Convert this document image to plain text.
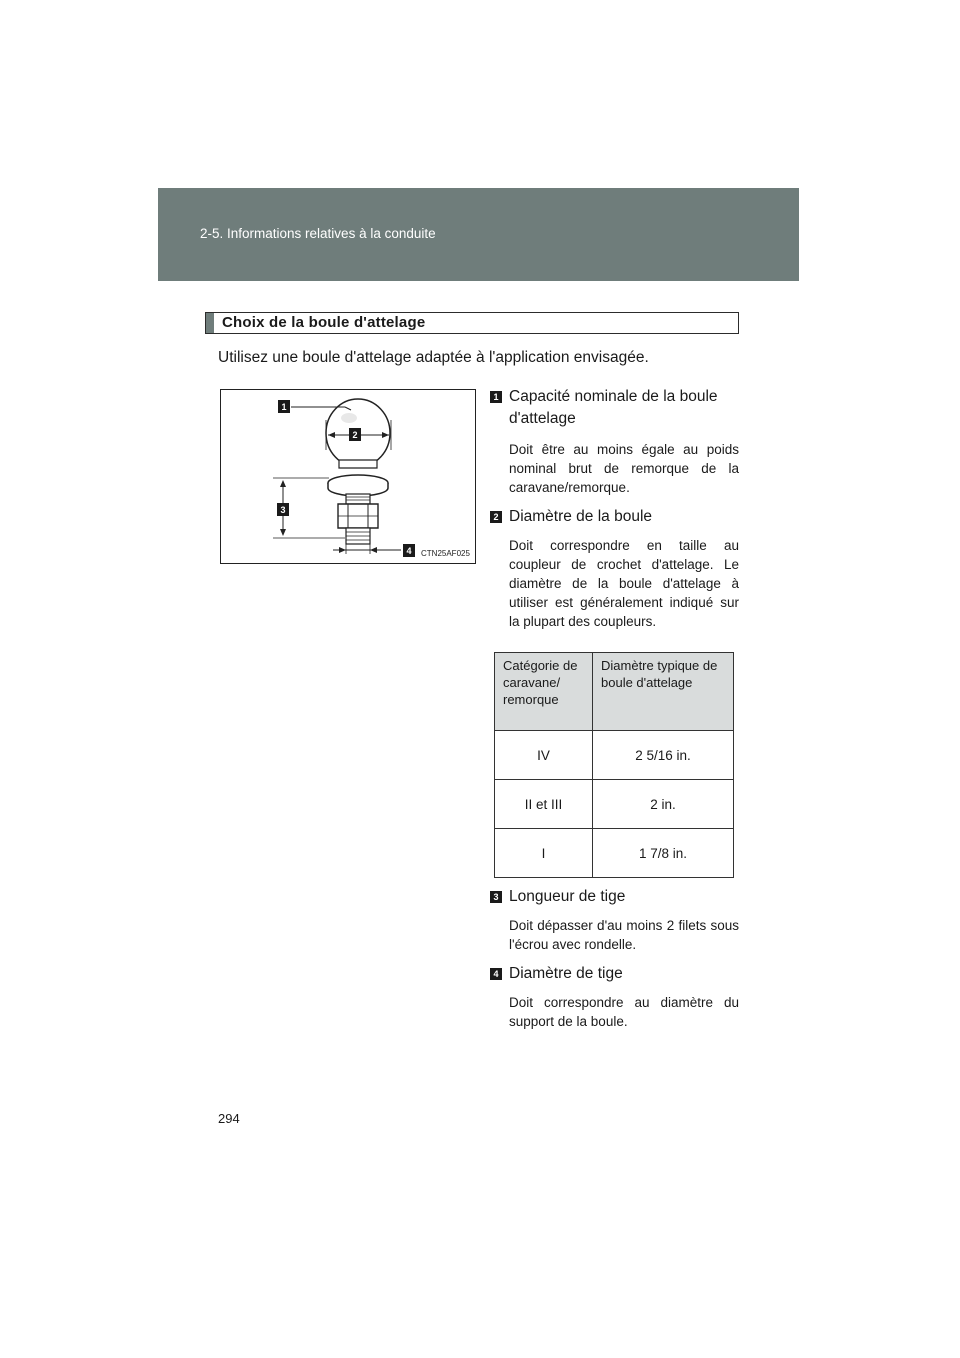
2-5. Informations relatives à la conduite
Choix de la boule d'attelage
Utilisez une boule d'attelage adaptée à l'application envisagée.
1
2
3
4 CTN25AF025
1 Capacité nominale de la boule d'attelage
Doit être au moins égale au poids nominal brut de remorque de la caravane/remorque.
2 Diamètre de la boule
Doit correspondre en taille au coupleur de crochet d'attelage. Le diamètre de la boule d'attelage à utiliser est généralement indiqué sur la plupart des coupleurs.
Catégorie de caravane/ remorque	Diamètre typique de boule d'attelage
IV	2 5/16 in.
II et III	2 in.
I	1 7/8 in.
3 Longueur de tige
Doit dépasser d'au moins 2 filets sous l'écrou avec rondelle.
4 Diamètre de tige
Doit correspondre au diamètre du support de la boule.
294
